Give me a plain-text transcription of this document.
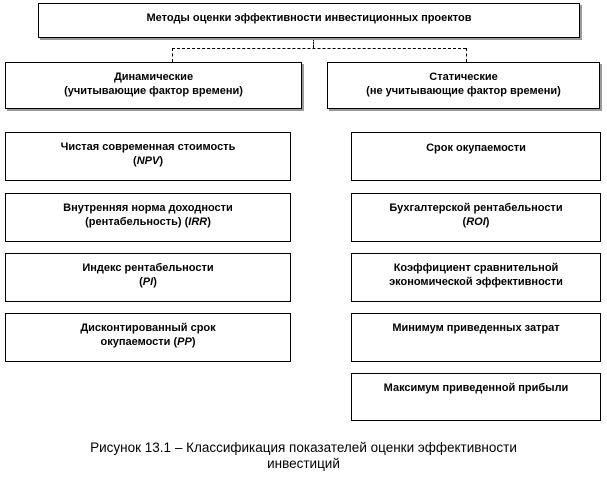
Методы оценки эффективности инвестиционных проектов
Динамические
(учитывающие фактор времени)
Статические
(не учитывающие фактор времени)
Чистая современная стоимость
(NPV)
Внутренняя норма доходности
(рентабельность) (IRR)
Индекс рентабельности
(PI)
Дисконтированный срок
окупаемости (PP)
Срок окупаемости
Бухгалтерской рентабельности
(ROI)
Коэффициент сравнительной
экономической эффективности
Минимум приведенных затрат
Максимум приведенной прибыли
Рисунок 13.1 – Классификация показателей оценки эффективности
инвестиций
